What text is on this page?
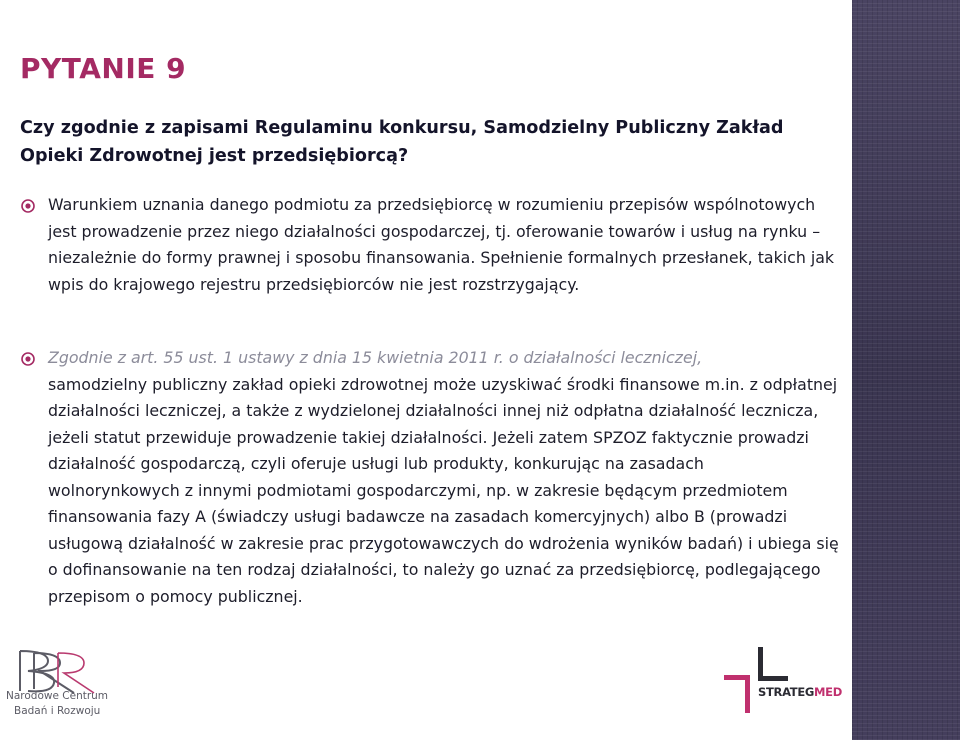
PYTANIE 9

Czy zgodnie z zapisami Regulaminu konkursu, Samodzielny Publiczny Zakład Opieki Zdrowotnej jest przedsiębiorcą?

Warunkiem uznania danego podmiotu za przedsiębiorcę w rozumieniu przepisów wspólnotowych jest prowadzenie przez niego działalności gospodarczej, tj. oferowanie towarów i usług na rynku – niezależnie do formy prawnej i sposobu finansowania. Spełnienie formalnych przesłanek, takich jak wpis do krajowego rejestru przedsiębiorców nie jest rozstrzygający.
Zgodnie z art. 55 ust. 1 ustawy z dnia 15 kwietnia 2011 r. o działalności leczniczej,
samodzielny publiczny zakład opieki zdrowotnej może uzyskiwać środki finansowe m.in. z odpłatnej działalności leczniczej, a także z wydzielonej działalności innej niż odpłatna działalność lecznicza, jeżeli statut przewiduje prowadzenie takiej działalności. Jeżeli zatem SPZOZ faktycznie prowadzi działalność gospodarczą, czyli oferuje usługi lub produkty, konkurując na zasadach wolnorynkowych z innymi podmiotami gospodarczymi, np. w zakresie będącym przedmiotem finansowania fazy A (świadczy usługi badawcze na zasadach komercyjnych) albo B (prowadzi usługową działalność w zakresie prac przygotowawczych do wdrożenia wyników badań) i ubiega się o dofinansowanie na ten rodzaj działalności, to należy go uznać za przedsiębiorcę, podlegającego przepisom o pomocy publicznej.
Narodowe Centrum
Badań i Rozwoju
STRATEGMED
